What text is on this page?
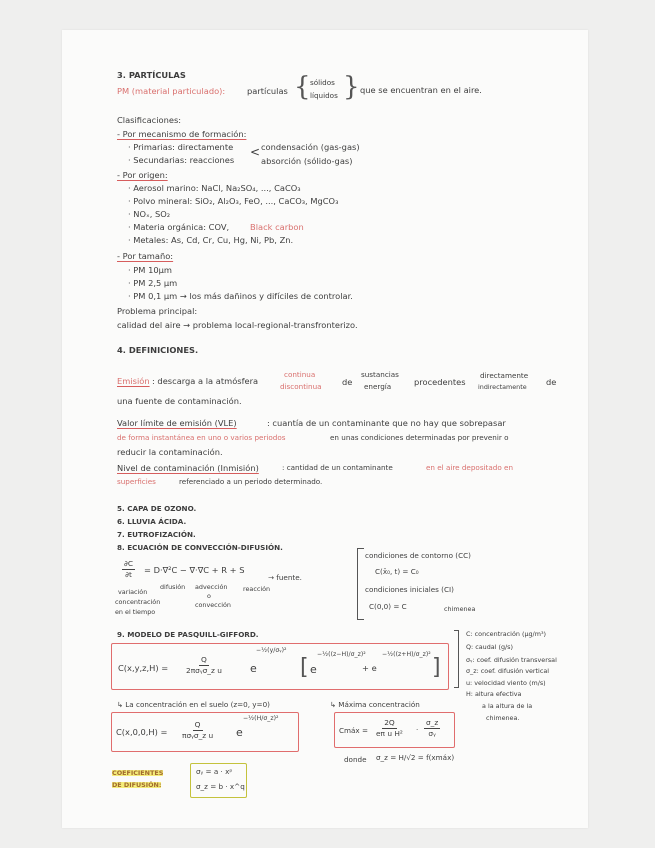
3. PARTÍCULAS
PM (material particulado):	partículas { sólidos
líquidos } que se encuentran en el aire.
Clasificaciones:
- Por mecanismo de formación:
· Primarias: directamente
· Secundarias: reacciones
< condensación (gas-gas)
absorción (sólido-gas)
- Por origen:
· Aerosol marino: NaCl, Na₂SO₄, ..., CaCO₃
· Polvo mineral: SiO₂, Al₂O₃, FeO, ..., CaCO₃, MgCO₃
· NOₓ, SO₂
· Materia orgánica: COV,	Black carbon
· Metales: As, Cd, Cr, Cu, Hg, Ni, Pb, Zn.
- Por tamaño:
· PM 10µm
· PM 2,5 µm
· PM 0,1 µm → los más dañinos y difíciles de controlar.
Problema principal:
calidad del aire → problema local-regional-transfronterizo.
4. DEFINICIONES.
Emisión : descarga a la atmósfera
continua
discontinua de
sustancias
energía	procedentes
directamente
indirectamente de
una fuente de contaminación.
Valor límite de emisión (VLE)	: cuantía de un contaminante que no hay que sobrepasar
de forma instantánea en uno o varios periodos	en unas condiciones determinadas por prevenir o
reducir la contaminación.
Nivel de contaminación (Inmisión)	: cantidad de un contaminante	en el aire depositado en
superficies	referenciado a un periodo determinado.
5. CAPA DE OZONO.
6. LLUVIA ÁCIDA.
7. EUTROFIZACIÓN.
8. ECUACIÓN DE CONVECCIÓN-DIFUSIÓN.
$\frac{\partial C}{\partial t} = D\cdot\nabla^2C$ − ∇̄·∇C + R + S
→ fuente.
variación
concentración
en el tiempo
difusión advección
o
convección
reacción
condiciones de contorno (CC)
C(x̄₀, t) = C₀
condiciones iniciales (CI)
C(0,0) = C	chimenea
9. MODELO DE PASQUILL-GIFFORD.
C(x,y,z,H) =
Q
2πσᵧσ_z u	e
−½(y/σᵧ)²
[ e
−½((z−H)/σ_z)²
+ e
−½((z+H)/σ_z)²
]
C: concentración (µg/m³)
Q: caudal (g/s)
σᵧ: coef. difusión transversal
σ_z: coef. difusión vertical
u: velocidad viento (m/s)
H: altura efectiva
a la altura de la
chimenea.
↳ La concentración en el suelo (z=0, y=0)
C(x,0,0,H) =
Q
πσᵧσ_z u e
−½(H/σ_z)²
↳ Máxima concentración
Cmáx = $\frac{2Q}{\text{eπ u H²}} \cdot \frac{\sigma\_z}{\text{σᵧ}}$
donde σ_z = H/√2 = f(xmáx)
COEFICIENTES
DE DIFUSIÓN:
σᵧ = a · xᵖ
σ_z = b · x^q
